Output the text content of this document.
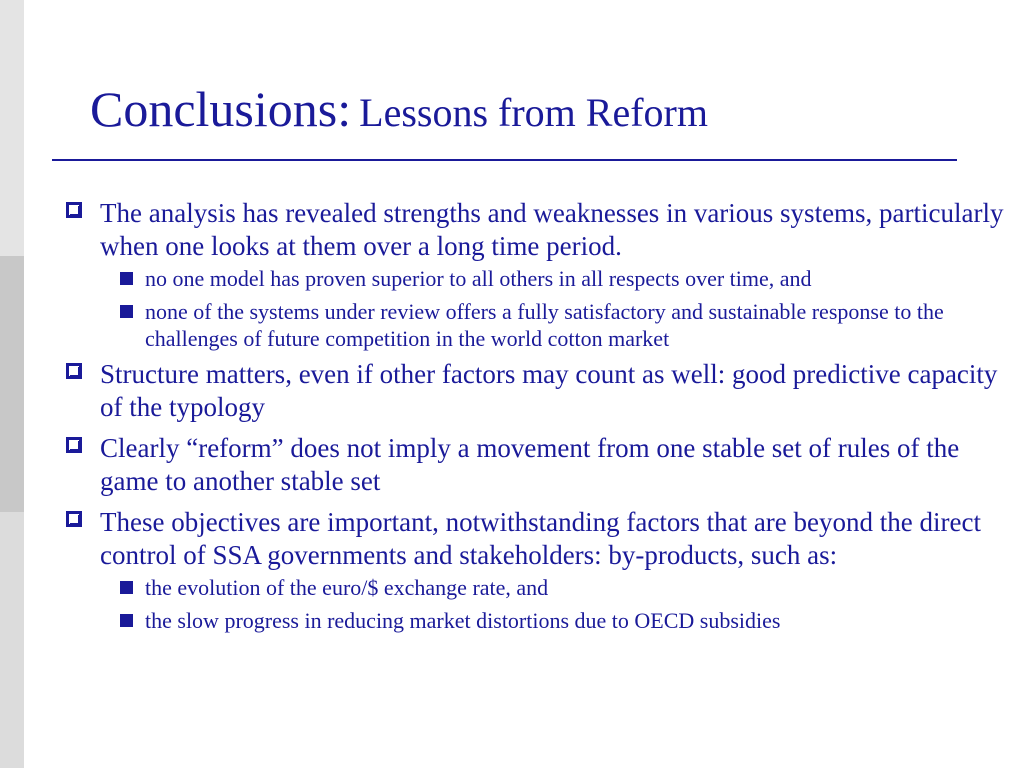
Conclusions: Lessons from Reform
The analysis has revealed strengths and weaknesses in various systems, particularly when one looks at them over a long time period.
no one model has proven superior to all others in all respects over time, and
none of the systems under review offers a fully satisfactory and sustainable response to the challenges of future competition in the world cotton market
Structure matters, even if other factors may count as well: good predictive capacity of the typology
Clearly “reform” does not imply a movement from one stable set of rules of the game to another stable set
These objectives are important, notwithstanding factors that are beyond the direct control of SSA governments and stakeholders: by-products, such as:
the evolution of the euro/$ exchange rate, and
the slow progress in reducing market distortions due to OECD subsidies
